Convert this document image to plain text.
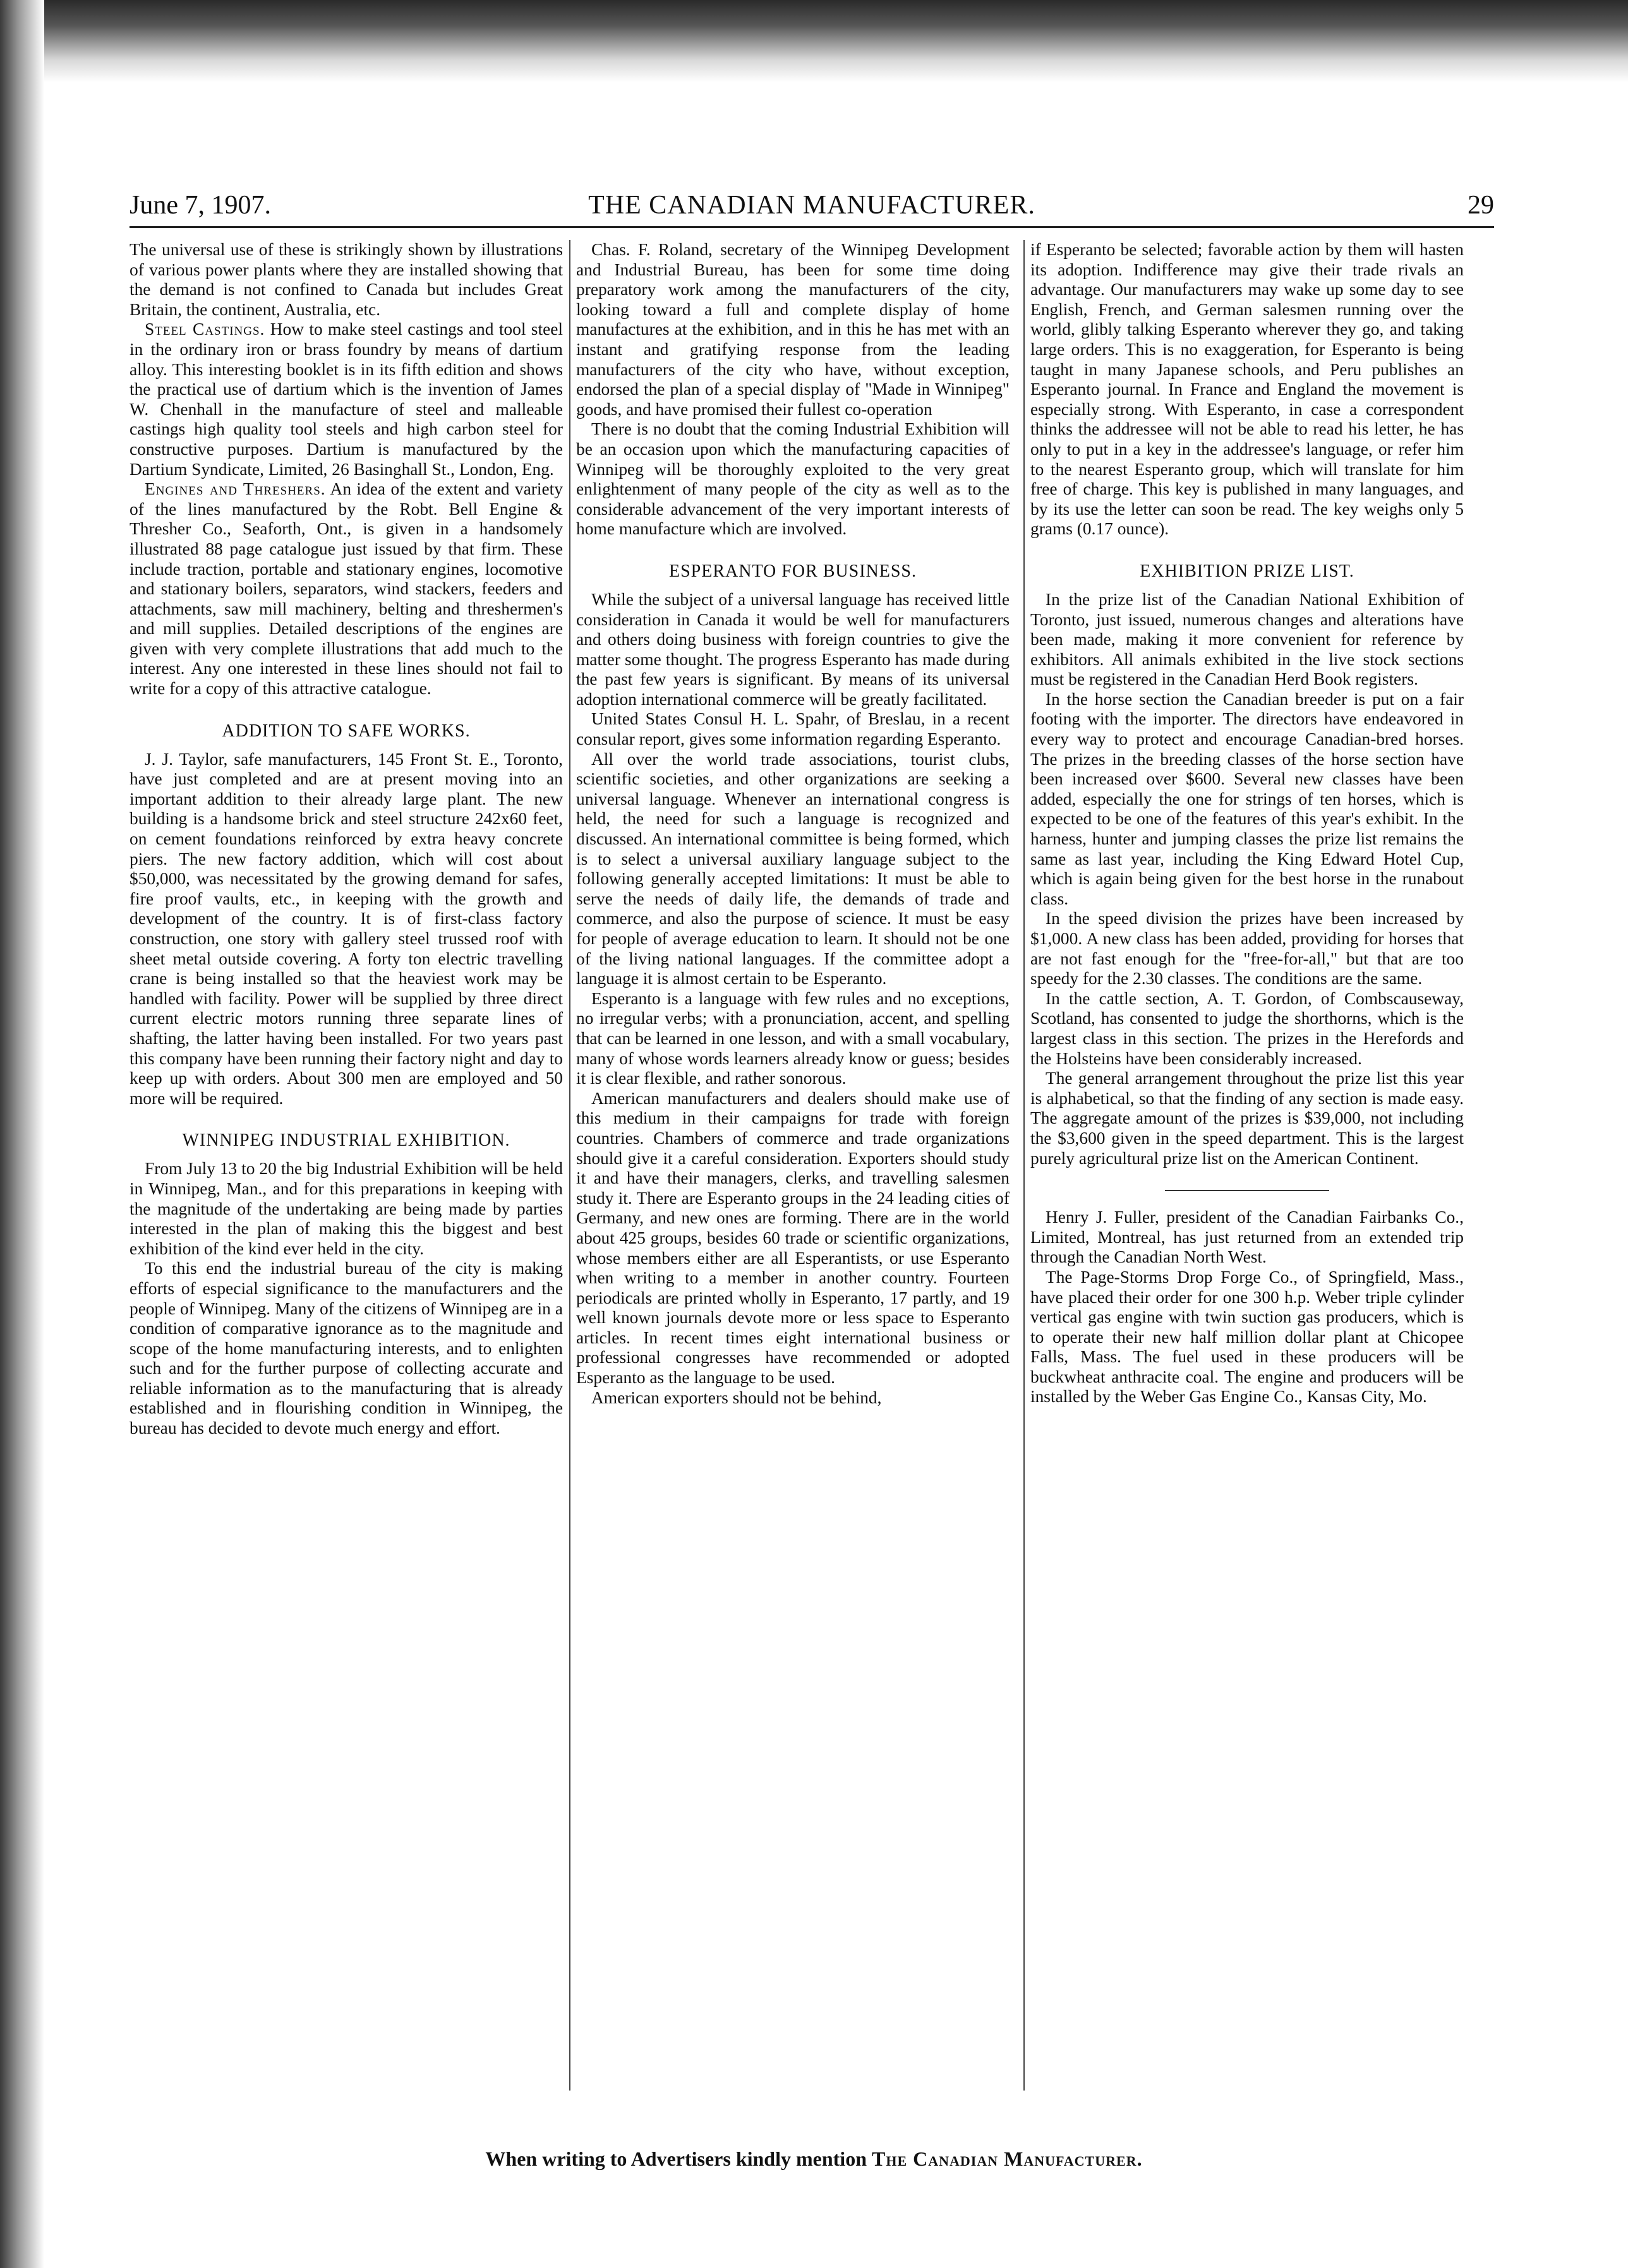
June 7, 1907.	THE CANADIAN MANUFACTURER.	29

The universal use of these is strikingly shown by illustrations of various power plants where they are installed showing that the demand is not confined to Canada but includes Great Britain, the continent, Australia, etc.

Steel Castings. How to make steel castings and tool steel in the ordinary iron or brass foundry by means of dartium alloy. This interesting booklet is in its fifth edition and shows the practical use of dartium which is the invention of James W. Chenhall in the manufacture of steel and malleable castings high quality tool steels and high carbon steel for constructive purposes. Dartium is manufactured by the Dartium Syndicate, Limited, 26 Basinghall St., London, Eng.

Engines and Threshers. An idea of the extent and variety of the lines manufactured by the Robt. Bell Engine & Thresher Co., Seaforth, Ont., is given in a handsomely illustrated 88 page catalogue just issued by that firm. These include traction, portable and stationary engines, locomotive and stationary boilers, separators, wind stackers, feeders and attachments, saw mill machinery, belting and threshermen's and mill supplies. Detailed descriptions of the engines are given with very complete illustrations that add much to the interest. Any one interested in these lines should not fail to write for a copy of this attractive catalogue.

ADDITION TO SAFE WORKS.

J. J. Taylor, safe manufacturers, 145 Front St. E., Toronto, have just completed and are at present moving into an important addition to their already large plant. The new building is a handsome brick and steel structure 242x60 feet, on cement foundations reinforced by extra heavy concrete piers. The new factory addition, which will cost about $50,000, was necessitated by the growing demand for safes, fire proof vaults, etc., in keeping with the growth and development of the country. It is of first-class factory construction, one story with gallery steel trussed roof with sheet metal outside covering. A forty ton electric travelling crane is being installed so that the heaviest work may be handled with facility. Power will be supplied by three direct current electric motors running three separate lines of shafting, the latter having been installed. For two years past this company have been running their factory night and day to keep up with orders. About 300 men are employed and 50 more will be required.

WINNIPEG INDUSTRIAL EXHIBITION.

From July 13 to 20 the big Industrial Exhibition will be held in Winnipeg, Man., and for this preparations in keeping with the magnitude of the undertaking are being made by parties interested in the plan of making this the biggest and best exhibition of the kind ever held in the city.

To this end the industrial bureau of the city is making efforts of especial significance to the manufacturers and the people of Winnipeg. Many of the citizens of Winnipeg are in a condition of comparative ignorance as to the magnitude and scope of the home manufacturing interests, and to enlighten such and for the further purpose of collecting accurate and reliable information as to the manufacturing that is already established and in flourishing condition in Winnipeg, the bureau has decided to devote much energy and effort.

Chas. F. Roland, secretary of the Winnipeg Development and Industrial Bureau, has been for some time doing preparatory work among the manufacturers of the city, looking toward a full and complete display of home manufactures at the exhibition, and in this he has met with an instant and gratifying response from the leading manufacturers of the city who have, without exception, endorsed the plan of a special display of "Made in Winnipeg" goods, and have promised their fullest co-operation

There is no doubt that the coming Industrial Exhibition will be an occasion upon which the manufacturing capacities of Winnipeg will be thoroughly exploited to the very great enlightenment of many people of the city as well as to the considerable advancement of the very important interests of home manufacture which are involved.

ESPERANTO FOR BUSINESS.

While the subject of a universal language has received little consideration in Canada it would be well for manufacturers and others doing business with foreign countries to give the matter some thought. The progress Esperanto has made during the past few years is significant. By means of its universal adoption international commerce will be greatly facilitated.

United States Consul H. L. Spahr, of Breslau, in a recent consular report, gives some information regarding Esperanto.

All over the world trade associations, tourist clubs, scientific societies, and other organizations are seeking a universal language. Whenever an international congress is held, the need for such a language is recognized and discussed. An international committee is being formed, which is to select a universal auxiliary language subject to the following generally accepted limitations: It must be able to serve the needs of daily life, the demands of trade and commerce, and also the purpose of science. It must be easy for people of average education to learn. It should not be one of the living national languages. If the committee adopt a language it is almost certain to be Esperanto.

Esperanto is a language with few rules and no exceptions, no irregular verbs; with a pronunciation, accent, and spelling that can be learned in one lesson, and with a small vocabulary, many of whose words learners already know or guess; besides it is clear flexible, and rather sonorous.

American manufacturers and dealers should make use of this medium in their campaigns for trade with foreign countries. Chambers of commerce and trade organizations should give it a careful consideration. Exporters should study it and have their managers, clerks, and travelling salesmen study it. There are Esperanto groups in the 24 leading cities of Germany, and new ones are forming. There are in the world about 425 groups, besides 60 trade or scientific organizations, whose members either are all Esperantists, or use Esperanto when writing to a member in another country. Fourteen periodicals are printed wholly in Esperanto, 17 partly, and 19 well known journals devote more or less space to Esperanto articles. In recent times eight international business or professional congresses have recommended or adopted Esperanto as the language to be used.

American exporters should not be behind,

if Esperanto be selected; favorable action by them will hasten its adoption. Indifference may give their trade rivals an advantage. Our manufacturers may wake up some day to see English, French, and German salesmen running over the world, glibly talking Esperanto wherever they go, and taking large orders. This is no exaggeration, for Esperanto is being taught in many Japanese schools, and Peru publishes an Esperanto journal. In France and England the movement is especially strong. With Esperanto, in case a correspondent thinks the addressee will not be able to read his letter, he has only to put in a key in the addressee's language, or refer him to the nearest Esperanto group, which will translate for him free of charge. This key is published in many languages, and by its use the letter can soon be read. The key weighs only 5 grams (0.17 ounce).

EXHIBITION PRIZE LIST.

In the prize list of the Canadian National Exhibition of Toronto, just issued, numerous changes and alterations have been made, making it more convenient for reference by exhibitors. All animals exhibited in the live stock sections must be registered in the Canadian Herd Book registers.

In the horse section the Canadian breeder is put on a fair footing with the importer. The directors have endeavored in every way to protect and encourage Canadian-bred horses. The prizes in the breeding classes of the horse section have been increased over $600. Several new classes have been added, especially the one for strings of ten horses, which is expected to be one of the features of this year's exhibit. In the harness, hunter and jumping classes the prize list remains the same as last year, including the King Edward Hotel Cup, which is again being given for the best horse in the runabout class.

In the speed division the prizes have been increased by $1,000. A new class has been added, providing for horses that are not fast enough for the "free-for-all," but that are too speedy for the 2.30 classes. The conditions are the same.

In the cattle section, A. T. Gordon, of Combscauseway, Scotland, has consented to judge the shorthorns, which is the largest class in this section. The prizes in the Herefords and the Holsteins have been considerably increased.

The general arrangement throughout the prize list this year is alphabetical, so that the finding of any section is made easy. The aggregate amount of the prizes is $39,000, not including the $3,600 given in the speed department. This is the largest purely agricultural prize list on the American Continent.

Henry J. Fuller, president of the Canadian Fairbanks Co., Limited, Montreal, has just returned from an extended trip through the Canadian North West.

The Page-Storms Drop Forge Co., of Springfield, Mass., have placed their order for one 300 h.p. Weber triple cylinder vertical gas engine with twin suction gas producers, which is to operate their new half million dollar plant at Chicopee Falls, Mass. The fuel used in these producers will be buckwheat anthracite coal. The engine and producers will be installed by the Weber Gas Engine Co., Kansas City, Mo.

When writing to Advertisers kindly mention The Canadian Manufacturer.
